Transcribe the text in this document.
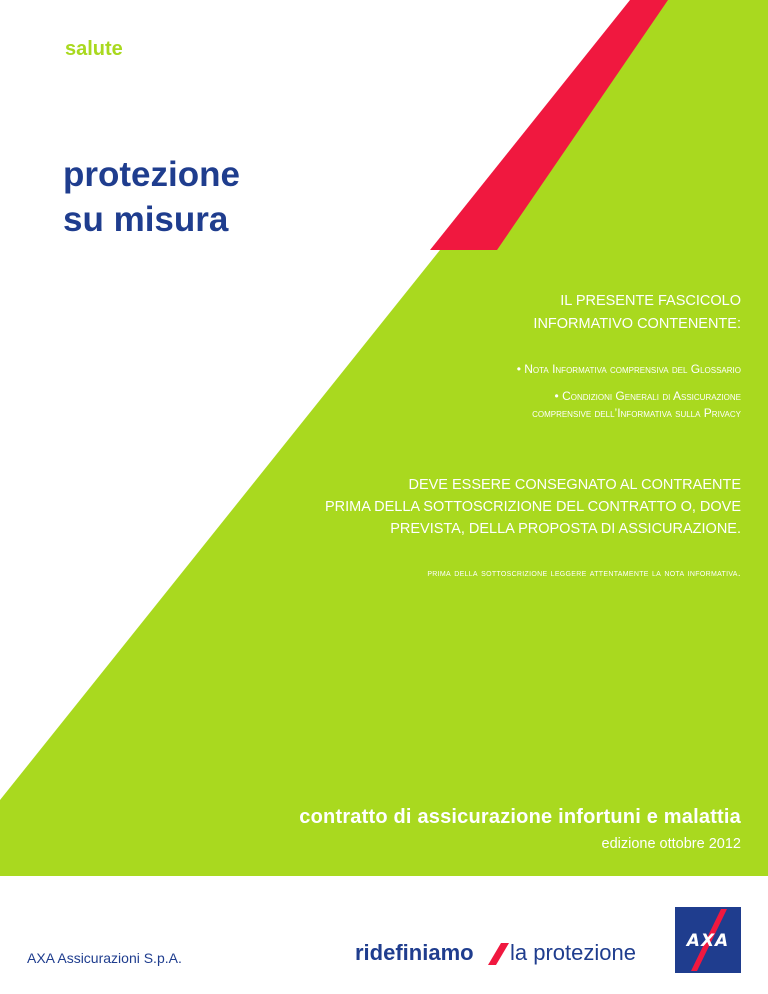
salute
protezione
su misura
IL PRESENTE FASCICOLO
INFORMATIVO CONTENENTE:
• Nota Informativa comprensiva del Glossario
• Condizioni Generali di Assicurazione
comprensive dell’Informativa sulla Privacy
DEVE ESSERE CONSEGNATO AL CONTRAENTE
PRIMA DELLA SOTTOSCRIZIONE DEL CONTRATTO O, DOVE
PREVISTA, DELLA PROPOSTA DI ASSICURAZIONE.
prima della sottoscrizione leggere attentamente la nota informativa.
contratto di assicurazione infortuni e malattia
edizione ottobre 2012
AXA Assicurazioni S.p.A.	ridefiniamo la protezione	AXA
